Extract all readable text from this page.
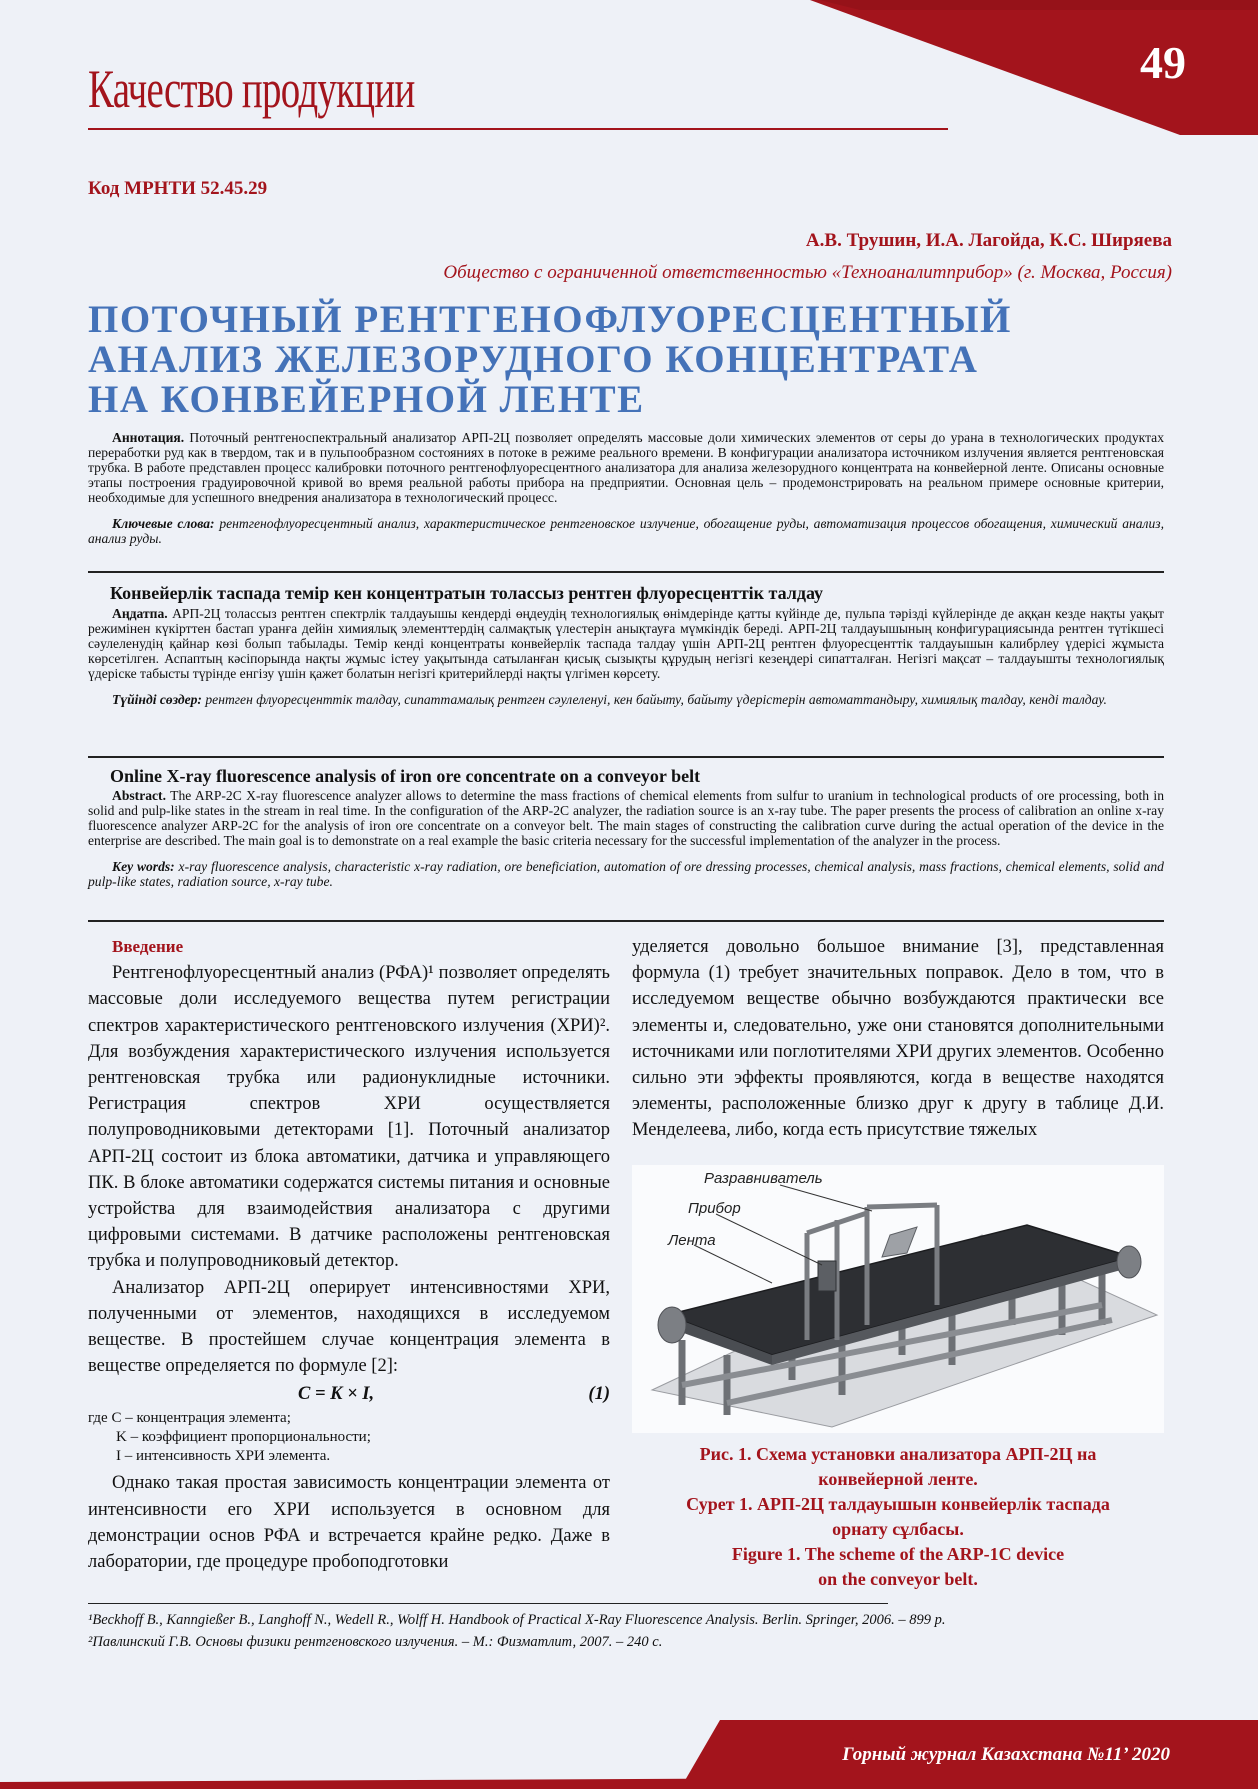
Качество продукции	49
Код МРНТИ 52.45.29
А.В. Трушин, И.А. Лагойда, К.С. Ширяева
Общество с ограниченной ответственностью «Техноаналитприбор» (г. Москва, Россия)
ПОТОЧНЫЙ РЕНТГЕНОФЛУОРЕСЦЕНТНЫЙ
АНАЛИЗ ЖЕЛЕЗОРУДНОГО КОНЦЕНТРАТА
НА КОНВЕЙЕРНОЙ ЛЕНТЕ

Аннотация. Поточный рентгеноспектральный анализатор АРП-2Ц позволяет определять массовые доли химических элементов от серы до урана в технологических продуктах переработки руд как в твердом, так и в пульпообразном состояниях в потоке в режиме реального времени. В конфигурации анализатора источником излучения является рентгеновская трубка. В работе представлен процесс калибровки поточного рентгенофлуоресцентного анализатора для анализа железорудного концентрата на конвейерной ленте. Описаны основные этапы построения градуировочной кривой во время реальной работы прибора на предприятии. Основная цель – продемонстрировать на реальном примере основные критерии, необходимые для успешного внедрения анализатора в технологический процесс.

Ключевые слова: рентгенофлуоресцентный анализ, характеристическое рентгеновское излучение, обогащение руды, автоматизация процессов обогащения, химический анализ, анализ руды.

Конвейерлік таспада темір кен концентратын толассыз рентген флуоресценттік талдау

Аңдатпа. АРП-2Ц толассыз рентген спектрлік талдауышы кендерді өңдеудің технологиялық өнімдерінде қатты күйінде де, пульпа тәрізді күйлерінде де аққан кезде нақты уақыт режимінен күкірттен бастап уранға дейін химиялық элементтердің салмақтық үлестерін анықтауға мүмкіндік береді. АРП-2Ц талдауышының конфигурациясында рентген түтікшесі сәулеленудің қайнар көзі болып табылады. Темір кенді концентраты конвейерлік таспада талдау үшін АРП-2Ц рентген флуоресценттік талдауышын калибрлеу үдерісі жұмыста көрсетілген. Аспаптың кәсіпорында нақты жұмыс істеу уақытында сатыланған қисық сызықты құрудың негізгі кезеңдері сипатталған. Негізгі мақсат – талдауышты технологиялық үдеріске табысты түрінде енгізу үшін қажет болатын негізгі критерийлерді нақты үлгімен көрсету.

Түйінді сөздер: рентген флуоресценттік талдау, сипаттамалық рентген сәулеленуі, кен байыту, байыту үдерістерін автоматтандыру, химиялық талдау, кенді талдау.

Online X-ray fluorescence analysis of iron ore concentrate on a conveyor belt

Abstract. The ARP-2C X-ray fluorescence analyzer allows to determine the mass fractions of chemical elements from sulfur to uranium in technological products of ore processing, both in solid and pulp-like states in the stream in real time. In the configuration of the ARP-2C analyzer, the radiation source is an x-ray tube. The paper presents the process of calibration an online x-ray fluorescence analyzer ARP-2C for the analysis of iron ore concentrate on a conveyor belt. The main stages of constructing the calibration curve during the actual operation of the device in the enterprise are described. The main goal is to demonstrate on a real example the basic criteria necessary for the successful implementation of the analyzer in the process.

Key words: x-ray fluorescence analysis, characteristic x-ray radiation, ore beneficiation, automation of ore dressing processes, chemical analysis, mass fractions, chemical elements, solid and pulp-like states, radiation source, x-ray tube.

Введение

Рентгенофлуоресцентный анализ (РФА)¹ позволяет определять массовые доли исследуемого вещества путем регистрации спектров характеристического рентгеновского излучения (ХРИ)². Для возбуждения характеристического излучения используется рентгеновская трубка или радионуклидные источники. Регистрация спектров ХРИ осуществляется полупроводниковыми детекторами [1]. Поточный анализатор АРП-2Ц состоит из блока автоматики, датчика и управляющего ПК. В блоке автоматики содержатся системы питания и основные устройства для взаимодействия анализатора с другими цифровыми системами. В датчике расположены рентгеновская трубка и полупроводниковый детектор.

Анализатор АРП-2Ц оперирует интенсивностями ХРИ, полученными от элементов, находящихся в исследуемом веществе. В простейшем случае концентрация элемента в веществе определяется по формуле [2]:

C = K × I,	(1)
где C – концентрация элемента;
K – коэффициент пропорциональности;
I – интенсивность ХРИ элемента.

Однако такая простая зависимость концентрации элемента от интенсивности его ХРИ используется в основном для демонстрации основ РФА и встречается крайне редко. Даже в лаборатории, где процедуре пробоподготовки

уделяется довольно большое внимание [3], представленная формула (1) требует значительных поправок. Дело в том, что в исследуемом веществе обычно возбуждаются практически все элементы и, следовательно, уже они становятся дополнительными источниками или поглотителями ХРИ других элементов. Особенно сильно эти эффекты проявляются, когда в веществе находятся элементы, расположенные близко друг к другу в таблице Д.И. Менделеева, либо, когда есть присутствие тяжелых

Разравниватель
Прибор
Лента
Рис. 1. Схема установки анализатора АРП-2Ц на
конвейерной ленте.
Сурет 1. АРП-2Ц талдауышын конвейерлік таспада
орнату сұлбасы.
Figure 1. The scheme of the ARP-1C device
on the conveyor belt.
¹Beckhoff B., Kanngießer B., Langhoff N., Wedell R., Wolff H. Handbook of Practical X-Ray Fluorescence Analysis. Berlin. Springer, 2006. – 899 p.
²Павлинский Г.В. Основы физики рентгеновского излучения. – М.: Физматлит, 2007. – 240 с.
Горный журнал Казахстана №11’ 2020
